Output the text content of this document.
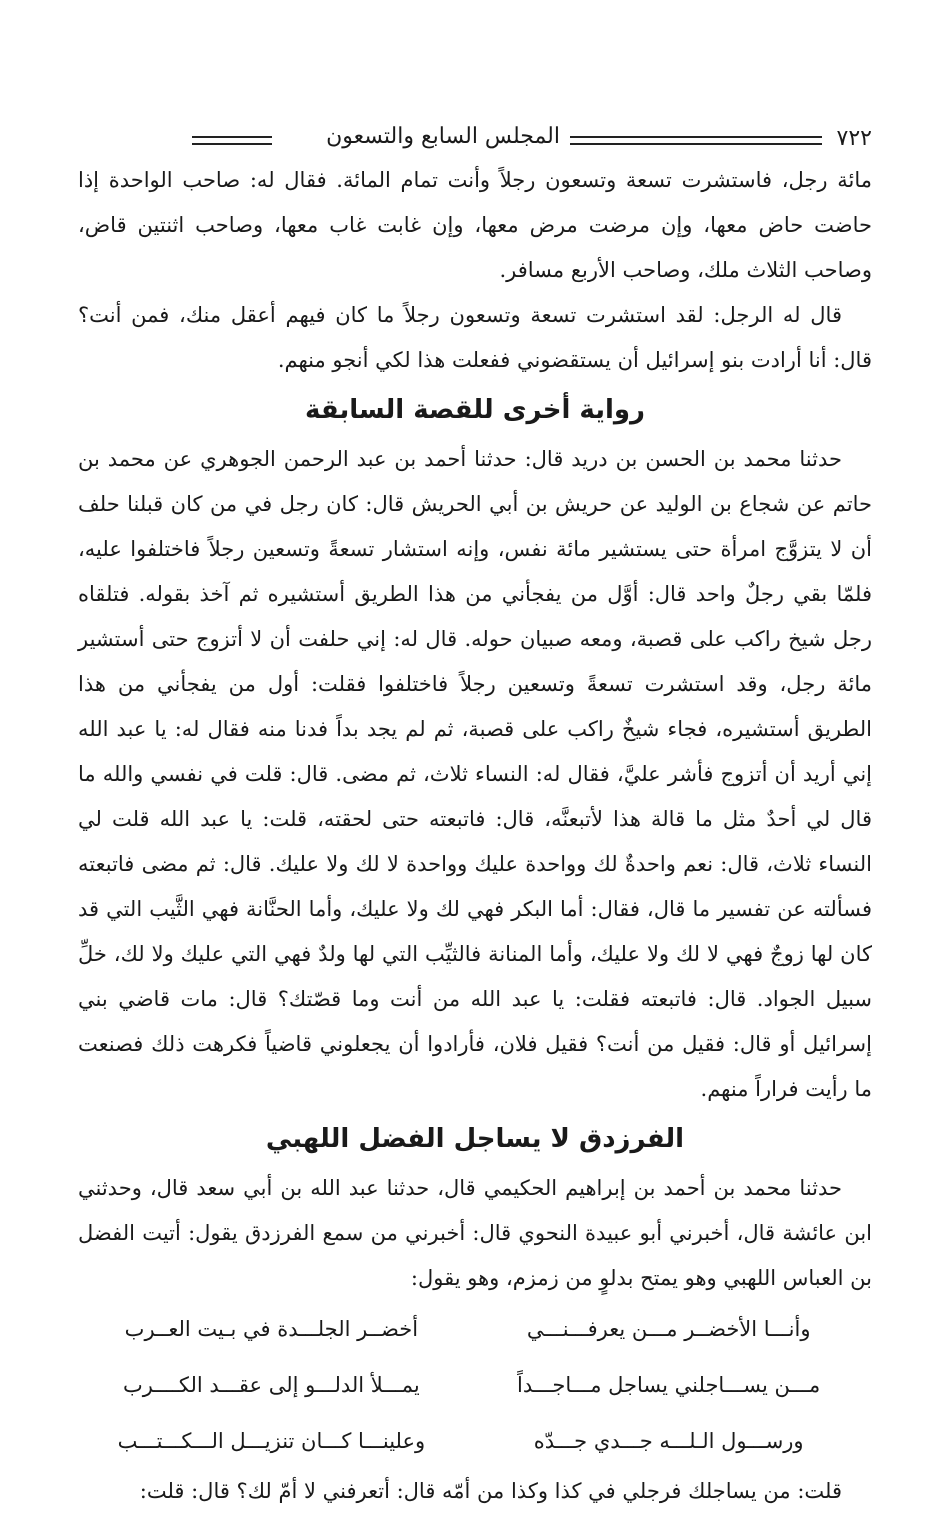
٧٢٢
المجلس السابع والتسعون

مائة رجل، فاستشرت تسعة وتسعون رجلاً وأنت تمام المائة. فقال له: صاحب الواحدة إذا حاضت حاض معها، وإن مرضت مرض معها، وإن غابت غاب معها، وصاحب اثنتين قاض، وصاحب الثلاث ملك، وصاحب الأربع مسافر.

قال له الرجل: لقد استشرت تسعة وتسعون رجلاً ما كان فيهم أعقل منك، فمن أنت؟ قال: أنا أرادت بنو إسرائيل أن يستقضوني ففعلت هذا لكي أنجو منهم.

رواية أخرى للقصة السابقة

حدثنا محمد بن الحسن بن دريد قال: حدثنا أحمد بن عبد الرحمن الجوهري عن محمد بن حاتم عن شجاع بن الوليد عن حريش بن أبي الحريش قال: كان رجل في من كان قبلنا حلف أن لا يتزوَّج امرأة حتى يستشير مائة نفس، وإنه استشار تسعةً وتسعين رجلاً فاختلفوا عليه، فلمّا بقي رجلٌ واحد قال: أوَّل من يفجأني من هذا الطريق أستشيره ثم آخذ بقوله. فتلقاه رجل شيخ راكب على قصبة، ومعه صبيان حوله. قال له: إني حلفت أن لا أتزوج حتى أستشير مائة رجل، وقد استشرت تسعةً وتسعين رجلاً فاختلفوا فقلت: أول من يفجأني من هذا الطريق أستشيره، فجاء شيخٌ راكب على قصبة، ثم لم يجد بداً فدنا منه فقال له: يا عبد الله إني أريد أن أتزوج فأشر عليَّ، فقال له: النساء ثلاث، ثم مضى. قال: قلت في نفسي والله ما قال لي أحدٌ مثل ما قالة هذا لأتبعنَّه، قال: فاتبعته حتى لحقته، قلت: يا عبد الله قلت لي النساء ثلاث، قال: نعم واحدةٌ لك وواحدة عليك وواحدة لا لك ولا عليك. قال: ثم مضى فاتبعته فسألته عن تفسير ما قال، فقال: أما البكر فهي لك ولا عليك، وأما الحنَّانة فهي الثَّيب التي قد كان لها زوجٌ فهي لا لك ولا عليك، وأما المنانة فالثيِّب التي لها ولدٌ فهي التي عليك ولا لك، خلِّ سبيل الجواد. قال: فاتبعته فقلت: يا عبد الله من أنت وما قصّتك؟ قال: مات قاضي بني إسرائيل أو قال: فقيل من أنت؟ فقيل فلان، فأرادوا أن يجعلوني قاضياً فكرهت ذلك فصنعت ما رأيت فراراً منهم.

الفرزدق لا يساجل الفضل اللهبي

حدثنا محمد بن أحمد بن إبراهيم الحكيمي قال، حدثنا عبد الله بن أبي سعد قال، وحدثني ابن عائشة قال، أخبرني أبو عبيدة النحوي قال: أخبرني من سمع الفرزدق يقول: أتيت الفضل بن العباس اللهبي وهو يمتح بدلوٍ من زمزم، وهو يقول:

وأنـــا الأخضــر مـــن يعرفـــنـــي
أخضــر الجلـــدة في بـيت العــرب
مـــن يســـاجلني يساجل مـــاجـــداً
يمـــلأ الدلـــو إلى عقـــد الكــــرب
ورســـول الـلـــه جـــدي جـــدّه
وعلينـــا كـــان تنزيـــل الـــكـــتـــب

قلت: من يساجلك فرجلي في كذا وكذا من أمّه قال: أتعرفني لا أمّ لك؟ قال: قلت:
